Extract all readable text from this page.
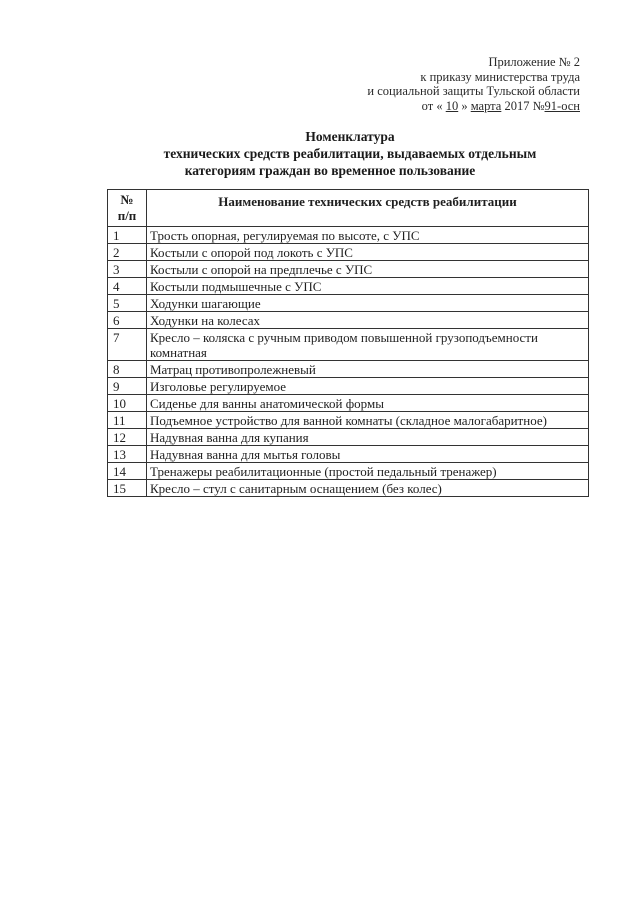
Приложение № 2
к приказу министерства труда
и социальной защиты Тульской области
от « 10 » марта 2017 №91-осн
Номенклатура
технических средств реабилитации, выдаваемых отдельным
категориям граждан во временное пользование
№
п/п	Наименование технических средств реабилитации
1	Трость опорная, регулируемая по высоте, с УПС
2	Костыли с опорой под локоть с УПС
3	Костыли с опорой на предплечье с УПС
4	Костыли подмышечные с УПС
5	Ходунки шагающие
6	Ходунки на колесах
7	Кресло – коляска с ручным приводом повышенной грузоподъемности комнатная
8	Матрац противопролежневый
9	Изголовье регулируемое
10	Сиденье для ванны анатомической формы
11	Подъемное устройство для ванной комнаты (складное малогабаритное)
12	Надувная ванна для купания
13	Надувная ванна для мытья головы
14	Тренажеры реабилитационные (простой педальный тренажер)
15	Кресло – стул с санитарным оснащением (без колес)
